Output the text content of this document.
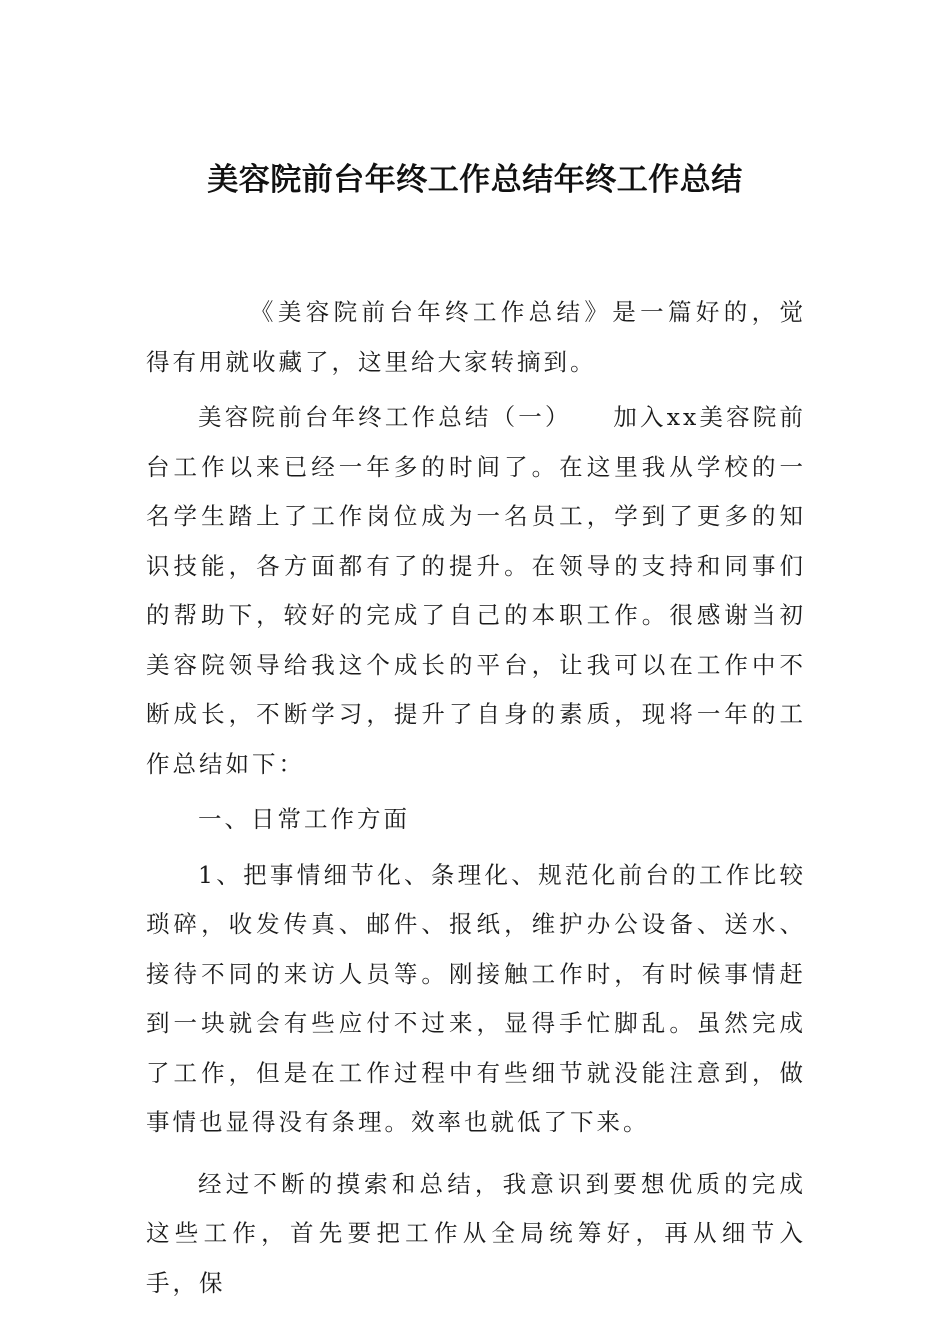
美容院前台年终工作总结年终工作总结

《美容院前台年终工作总结》是一篇好的，觉得有用就收藏了，这里给大家转摘到。

美容院前台年终工作总结（一）　　加入xx美容院前台工作以来已经一年多的时间了。在这里我从学校的一名学生踏上了工作岗位成为一名员工，学到了更多的知识技能，各方面都有了的提升。在领导的支持和同事们的帮助下，较好的完成了自己的本职工作。很感谢当初美容院领导给我这个成长的平台，让我可以在工作中不断成长，不断学习，提升了自身的素质，现将一年的工作总结如下：

一、日常工作方面

1、把事情细节化、条理化、规范化前台的工作比较琐碎，收发传真、邮件、报纸，维护办公设备、送水、接待不同的来访人员等。刚接触工作时，有时候事情赶到一块就会有些应付不过来，显得手忙脚乱。虽然完成了工作，但是在工作过程中有些细节就没能注意到，做事情也显得没有条理。效率也就低了下来。

经过不断的摸索和总结，我意识到要想优质的完成这些工作，首先要把工作从全局统筹好，再从细节入手，保
